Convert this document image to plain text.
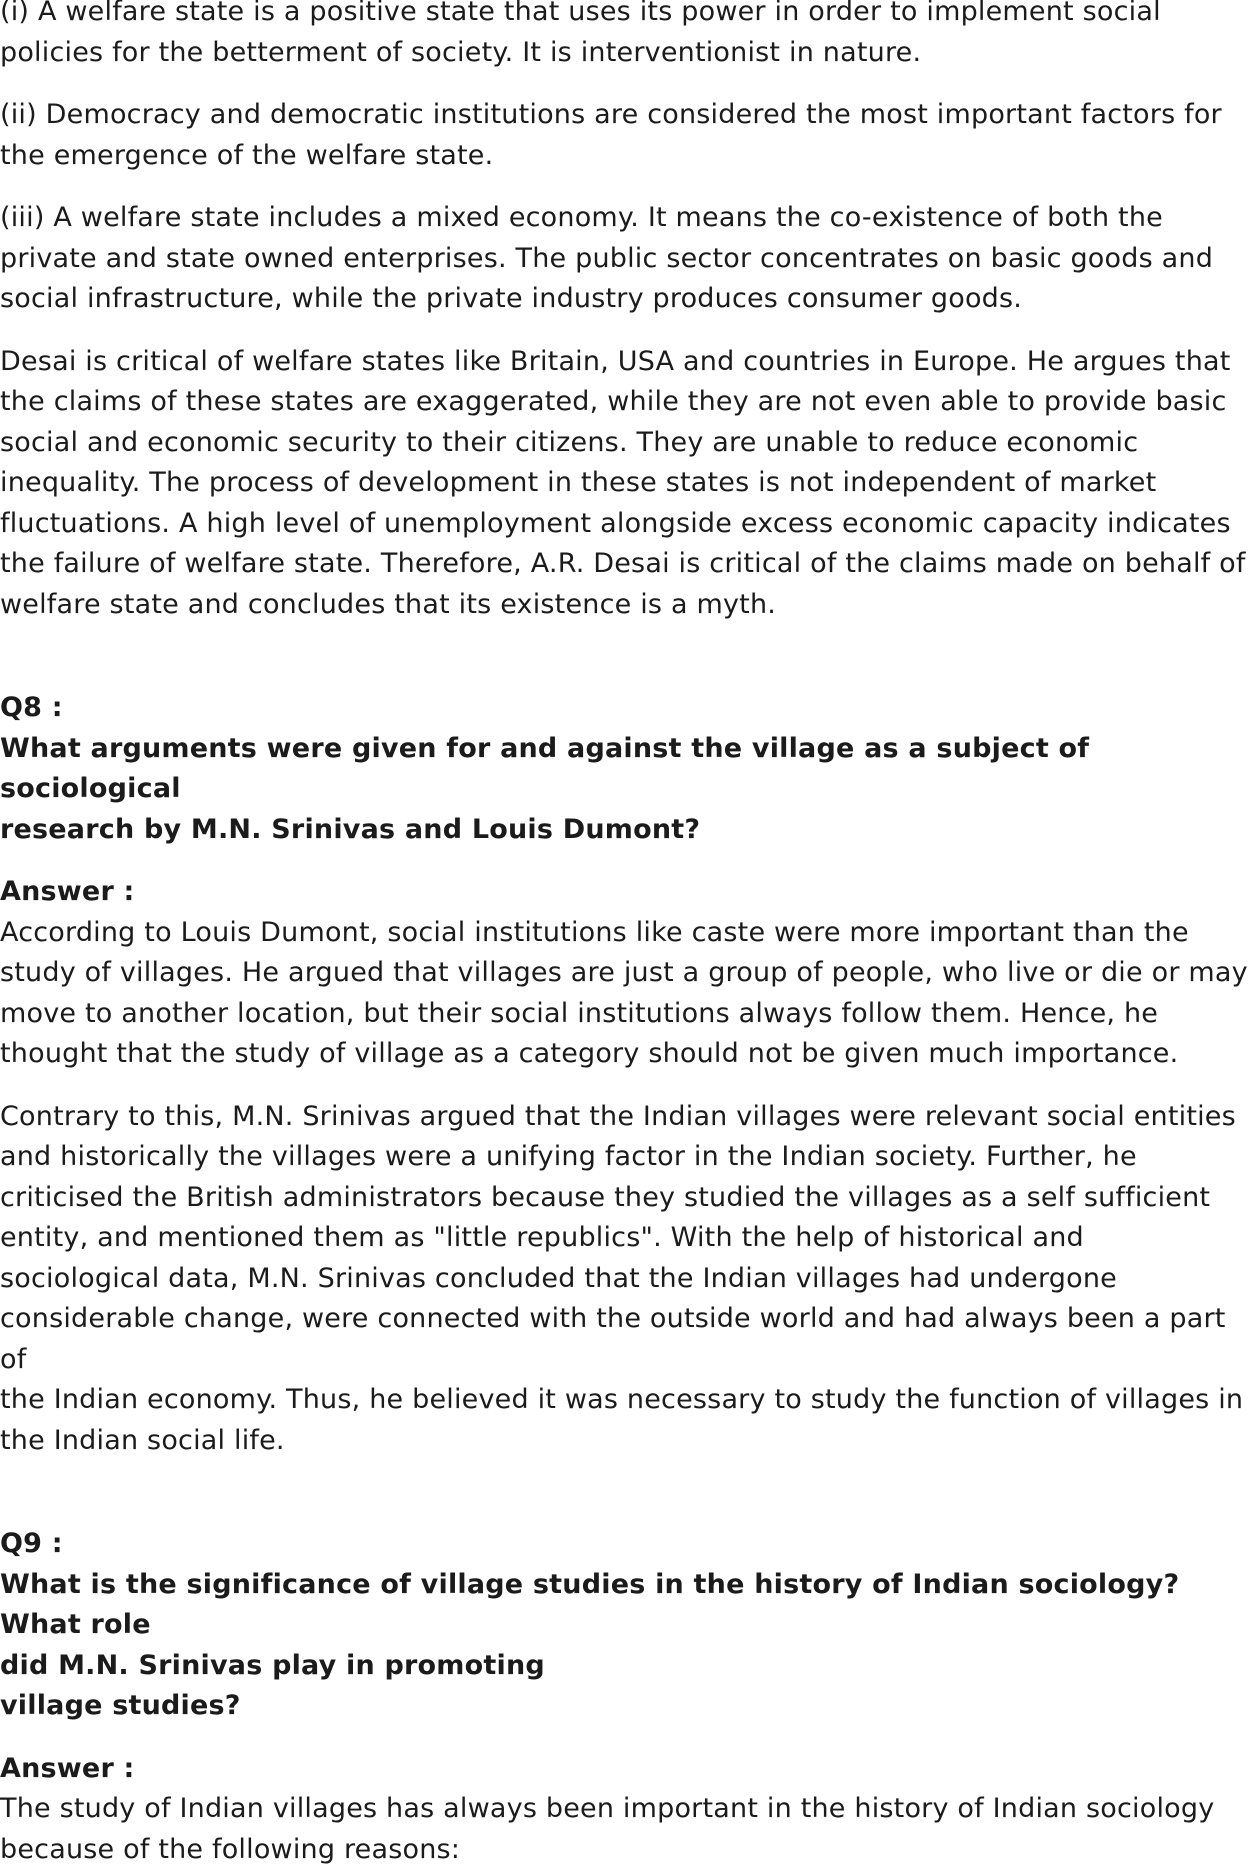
(i) A welfare state is a positive state that uses its power in order to implement social
policies for the betterment of society. It is interventionist in nature.

(ii) Democracy and democratic institutions are considered the most important factors for
the emergence of the welfare state.

(iii) A welfare state includes a mixed economy. It means the co-existence of both the
private and state owned enterprises. The public sector concentrates on basic goods and
social infrastructure, while the private industry produces consumer goods.

Desai is critical of welfare states like Britain, USA and countries in Europe. He argues that
the claims of these states are exaggerated, while they are not even able to provide basic
social and economic security to their citizens. They are unable to reduce economic
inequality. The process of development in these states is not independent of market
fluctuations. A high level of unemployment alongside excess economic capacity indicates
the failure of welfare state. Therefore, A.R. Desai is critical of the claims made on behalf of
welfare state and concludes that its existence is a myth.

Q8 :

What arguments were given for and against the village as a subject of sociological
research by M.N. Srinivas and Louis Dumont?

Answer :

According to Louis Dumont, social institutions like caste were more important than the
study of villages. He argued that villages are just a group of people, who live or die or may
move to another location, but their social institutions always follow them. Hence, he
thought that the study of village as a category should not be given much importance.

Contrary to this, M.N. Srinivas argued that the Indian villages were relevant social entities
and historically the villages were a unifying factor in the Indian society. Further, he
criticised the British administrators because they studied the villages as a self sufficient
entity, and mentioned them as "little republics". With the help of historical and
sociological data, M.N. Srinivas concluded that the Indian villages had undergone
considerable change, were connected with the outside world and had always been a part
of
the Indian economy. Thus, he believed it was necessary to study the function of villages in
the Indian social life.

Q9 :

What is the significance of village studies in the history of Indian sociology? What role
did M.N. Srinivas play in promoting
village studies?

Answer :

The study of Indian villages has always been important in the history of Indian sociology
because of the following reasons:
